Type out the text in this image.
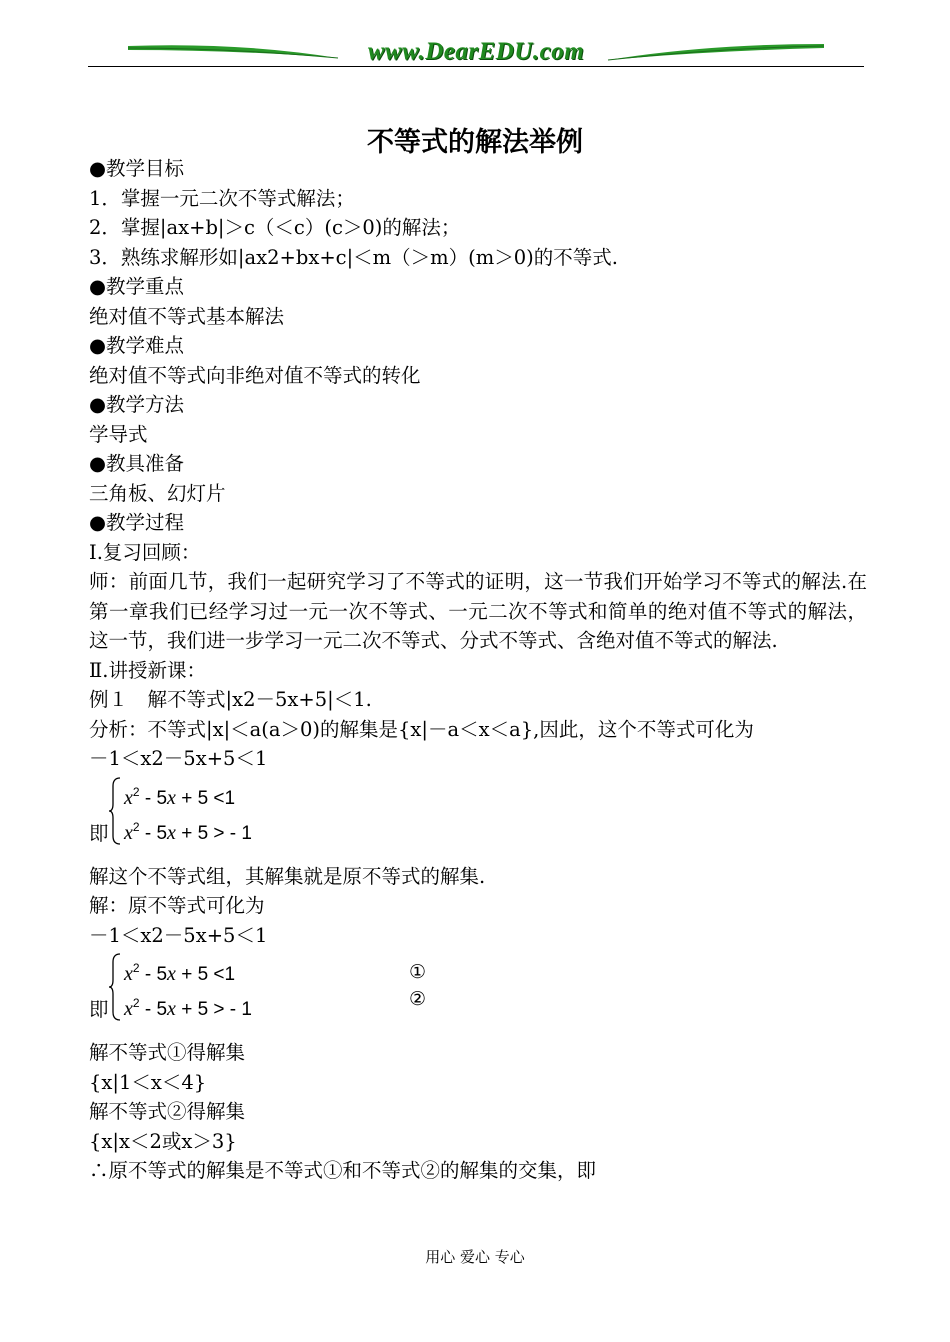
www.DearEDU.com
不等式的解法举例
●教学目标
1．掌握一元二次不等式解法；
2．掌握|ax+b|＞c（＜c）(c＞0)的解法；
3．熟练求解形如|ax2+bx+c|＜m（＞m）(m＞0)的不等式.
●教学重点
绝对值不等式基本解法
●教学难点
绝对值不等式向非绝对值不等式的转化
●教学方法
学导式
●教具准备
三角板、幻灯片
●教学过程
Ⅰ.复习回顾：
师：前面几节，我们一起研究学习了不等式的证明，这一节我们开始学习不等式的解法.在第一章我们已经学习过一元一次不等式、一元二次不等式和简单的绝对值不等式的解法，这一节，我们进一步学习一元二次不等式、分式不等式、含绝对值不等式的解法.
Ⅱ.讲授新课：
例１　解不等式|x2－5x+5|＜1.
分析：不等式|x|＜a(a＞0)的解集是{x|－a＜x＜a},因此，这个不等式可化为
－1＜x2－5x+5＜1
即
$x^2 - 5x + 5 <1$
$x^2 - 5x + 5$ > - 1
解这个不等式组，其解集就是原不等式的解集.
解：原不等式可化为
－1＜x2－5x+5＜1
即
$x^2 - 5x + 5 <1$
$x^2 - 5x + 5$ > - 1
①
②
解不等式①得解集
{x|1＜x＜4}
解不等式②得解集
{x|x＜2或x＞3}
∴原不等式的解集是不等式①和不等式②的解集的交集，即
用心 爱心 专心
